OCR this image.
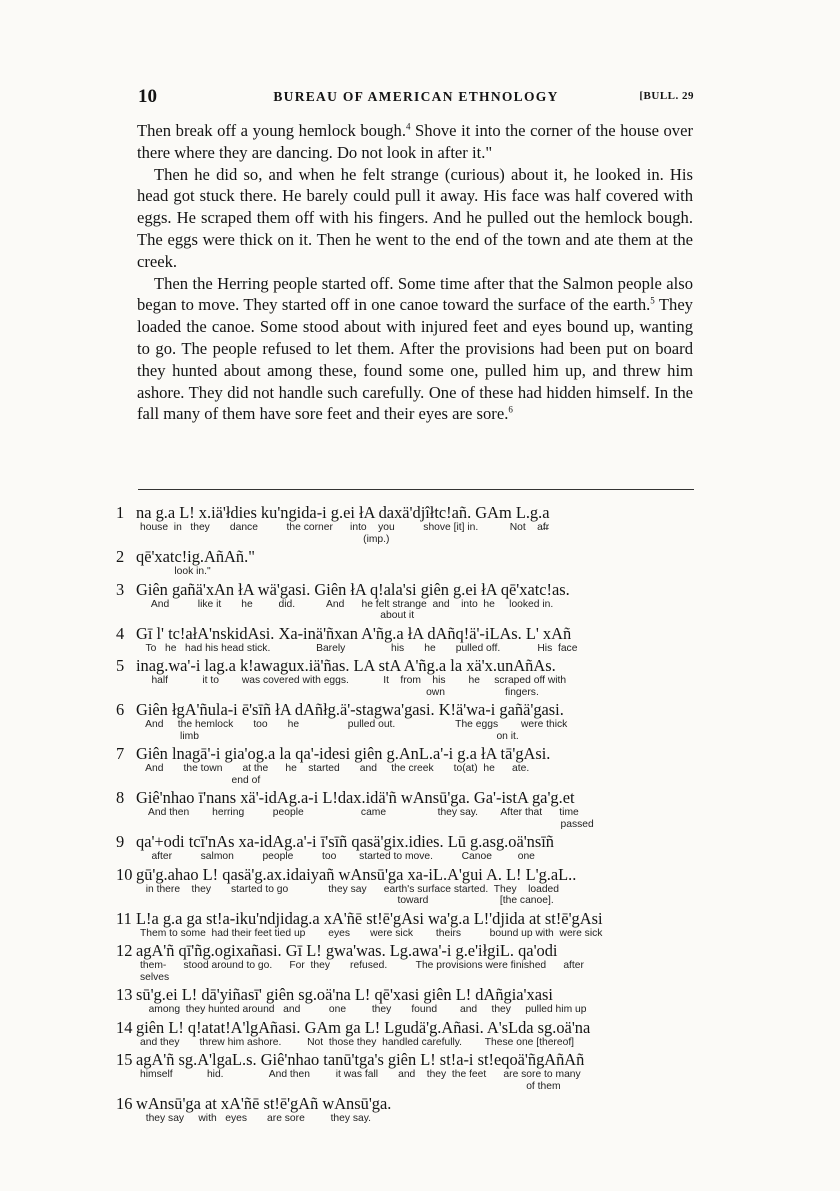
10	BUREAU OF AMERICAN ETHNOLOGY	[BULL. 29

Then break off a young hemlock bough.$^4$ Shove it into the corner of the house over there where they are dancing. Do not look in after it."

Then he did so, and when he felt strange (curious) about it, he looked in. His head got stuck there. He barely could pull it away. His face was half covered with eggs. He scraped them off with his fingers. And he pulled out the hemlock bough. The eggs were thick on it. Then he went to the end of the town and ate them at the creek.

Then the Herring people started off. Some time after that the Salmon people also began to move. They started off in one canoe toward the surface of the earth.$^5$ They loaded the canoe. Some stood about with injured feet and eyes bound up, wanting to go. The people refused to let them. After the provisions had been put on board they hunted about among these, found some one, pulled him up, and threw him ashore. They did not handle such carefully. One of these had hidden himself. In the fall many of them have sore feet and their eyes are sore.$^6$

1 na g.a L! x.iä'łdies ku'ngida-i g.ei łA daxä'djîłtc!añ. GAm L.g.a
house  in   they       dance          the corner      into    you          shove [it] in.           Not    af̶r
(imp.)
2 qē'xatc!ig.AñAñ."
look in."
3 Giên gañä'xAn łA wä'gasi. Giên łA q!ala'si giên g.ei łA qē'xatc!as.
And          like it       he         did.           And      he felt strange  and    into  he     looked in.
about it
4 Gī l' tc!ałA'nskidAsi. Xa-inä'ñxan A'ñg.a łA dAñq!ä'-iLAs. L' xAñ
To   he   had his head stick.                Barely                his       he       pulled off.             His  face
5 inag.wa'-i lag.a k!awagux.iä'ñas. LA stA A'ñg.a la xä'x.unAñAs.
half            it to        was covered with eggs.            It    from    his        he     scraped off with
own                     fingers.
6 Giên łgA'ñula-i ē'sīñ łA dAñłg.ä'-stagwa'gasi. K!ä'wa-i gañä'gasi.
And     the hemlock       too       he                 pulled out.                     The eggs        were thick
limb                                                                                                        on it.
7 Giên lnagā'-i gia'og.a la qa'-idesi giên g.AnL.a'-i g.a łA tā'gAsi.
And       the town       at the      he    started       and     the creek       to(at)  he      ate.
end of
8 Giê'nhao ī'nans xä'-idAg.a-i L!dax.idä'ñ wAnsū'ga. Ga'-istA ga'g.et
And then        herring          people                    came                  they say.        After that      time
passed
9 qa'+odi tcī'nAs xa-idAg.a'-i ī'sīñ qasä'gix.idies. Lū g.asg.oä'nsīñ
after          salmon          people          too        started to move.          Canoe         one
10 gū'g.ahao L! qasä'g.ax.idaiyañ wAnsū'ga xa-iL.A'gui A. L! L'g.aL..
in there    they       started to go              they say      earth's surface started.  They    loaded
toward                         [the canoe].
11 L!a g.a ga st!a-iku'ndjidag.a xA'ñē st!ē'gAsi wa'g.a L!'djida at st!ē'gAsi
Them to some  had their feet tied up        eyes       were sick        theirs          bound up with  were sick
12 agA'ñ qī'ñg.ogixañasi. Gī L! gwa'was. Lg.awa'-i g.e'iłgiL. qa'odi
them-      stood around to go.      For  they       refused.          The provisions were finished      after
selves
13 sū'g.ei L! dā'yiñasī' giên sg.oä'na L! qē'xasi giên L! dAñgia'xasi
among  they hunted around   and          one         they       found        and     they     pulled him up
14 giên L! q!atat!A'lgAñasi. GAm ga L! Lgudä'g.Añasi. A'sLda sg.oä'na
and they       threw him ashore.         Not  those they  handled carefully.        These one [thereof]
15 agA'ñ sg.A'lgaL.s. Giê'nhao tanū'tga's giên L! st!a-i st!eqoä'ñgAñAñ
himself            hid.                And then         it was fall       and    they  the feet      are sore to many
of them
16 wAnsū'ga at xA'ñē st!ē'gAñ wAnsū'ga.
they say     with   eyes       are sore         they say.
